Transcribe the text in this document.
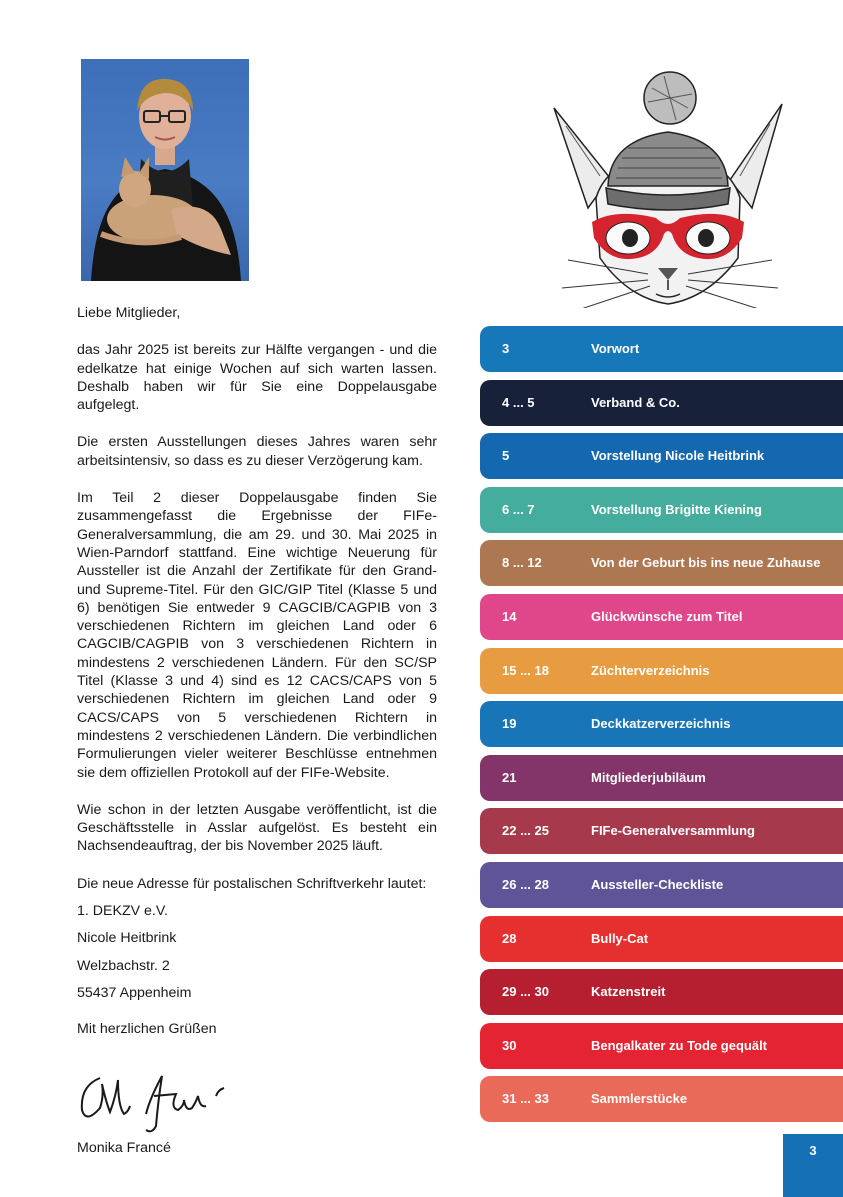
Liebe Mitglieder,

das Jahr 2025 ist bereits zur Hälfte vergangen - und die edelkatze hat einige Wochen auf sich warten lassen. Deshalb haben wir für Sie eine Doppelausgabe aufgelegt.

Die ersten Ausstellungen dieses Jahres waren sehr arbeitsintensiv, so dass es zu dieser Verzögerung kam.

Im Teil 2 dieser Doppelausgabe finden Sie zusammengefasst die Ergebnisse der FIFe-Generalversammlung, die am 29. und 30. Mai 2025 in Wien-Parndorf stattfand. Eine wichtige Neuerung für Aussteller ist die Anzahl der Zertifikate für den Grand- und Supreme-Titel. Für den GIC/GIP Titel (Klasse 5 und 6) benötigen Sie entweder 9 CAGCIB/CAGPIB von 3 verschiedenen Richtern im gleichen Land oder 6 CAGCIB/CAGPIB von 3 verschiedenen Richtern in mindestens 2 verschiedenen Ländern. Für den SC/SP Titel (Klasse 3 und 4) sind es 12 CACS/CAPS von 5 verschiedenen Richtern im gleichen Land oder 9 CACS/CAPS von 5 verschiedenen Richtern in mindestens 2 verschiedenen Ländern. Die verbindlichen Formulierungen vieler weiterer Beschlüsse entnehmen sie dem offiziellen Protokoll auf der FIFe-Website.

Wie schon in der letzten Ausgabe veröffentlicht, ist die Geschäftsstelle in Asslar aufgelöst. Es besteht ein Nachsendeauftrag, der bis November 2025 läuft.

Die neue Adresse für postalischen Schriftverkehr lautet:

1. DEKZV e.V.
Nicole Heitbrink
Welzbachstr. 2
55437 Appenheim

Mit herzlichen Grüßen

Monika Francé
3	Vorwort
4 ... 5	Verband & Co.
5	Vorstellung Nicole Heitbrink
6 ... 7	Vorstellung Brigitte Kiening
8 ... 12	Von der Geburt bis ins neue Zuhause
14	Glückwünsche zum Titel
15 ... 18	Züchterverzeichnis
19	Deckkatzerverzeichnis
21	Mitgliederjubiläum
22 ... 25	FIFe-Generalversammlung
26 ... 28	Aussteller-Checkliste
28	Bully-Cat
29 ... 30	Katzenstreit
30	Bengalkater zu Tode gequält
31 ... 33	Sammlerstücke
3
